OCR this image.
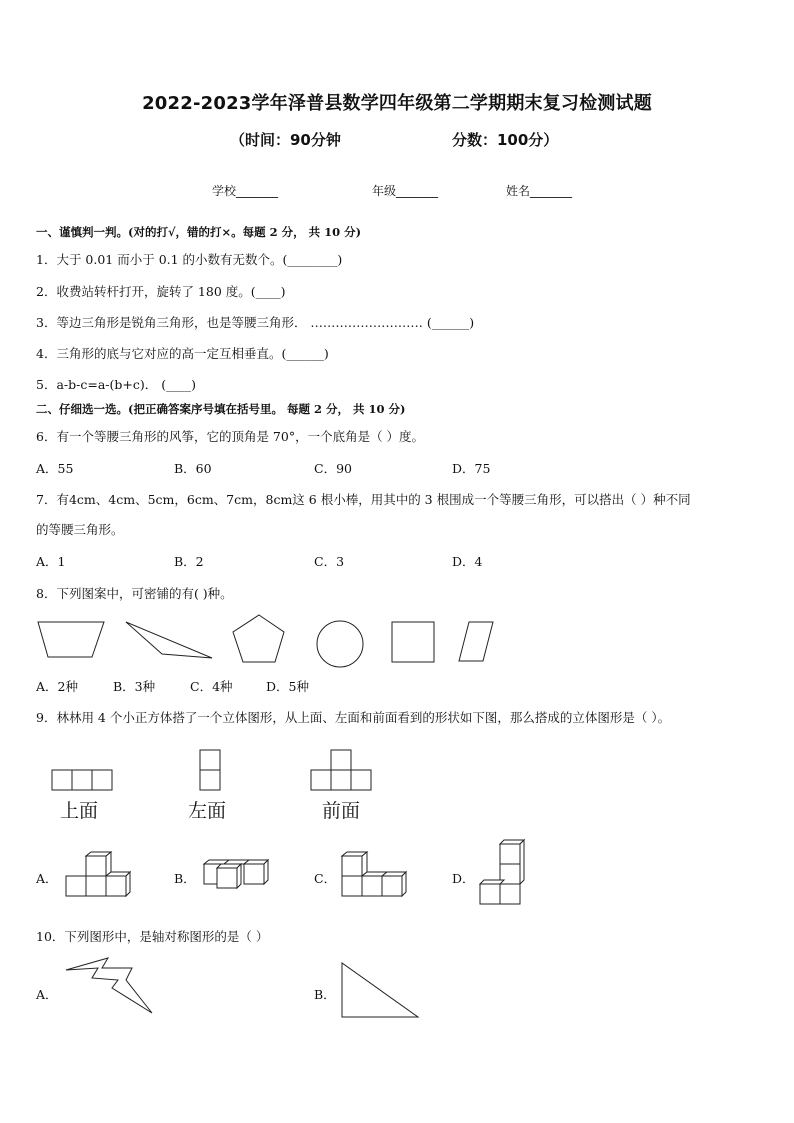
2022-2023学年泽普县数学四年级第二学期期末复习检测试题
（时间：90分钟	分数：100分）
学校_______	年级_______	姓名_______
一、谨慎判一判。(对的打√，错的打×。每题 2 分， 共 10 分)
1．大于 0.01 而小于 0.1 的小数有无数个。(________)
2．收费站转杆打开，旋转了 180 度。(____)
3．等边三角形是锐角三角形，也是等腰三角形． ……………………… (______)
4．三角形的底与它对应的高一定互相垂直。(______)
5．a-b-c=a-(b+c)． (____)
二、仔细选一选。(把正确答案序号填在括号里。 每题 2 分， 共 10 分)
6．有一个等腰三角形的风筝，它的顶角是 70°，一个底角是（ ）度。
A．55	B．60	C．90	D．75
7．有4cm、4cm、5cm，6cm、7cm，8cm这 6 根小棒，用其中的 3 根围成一个等腰三角形，可以搭出（ ）种不同
的等腰三角形。
A．1	B．2	C．3	D．4
8．下列图案中，可密铺的有( )种。
A．2种	B．3种	C．4种	D．5种
9．林林用 4 个小正方体搭了一个立体图形，从上面、左面和前面看到的形状如下图，那么搭成的立体图形是（ ）。
上面	左面	前面
A．	B．	C．	D．
10．下列图形中，是轴对称图形的是（ ）
A．	B．
